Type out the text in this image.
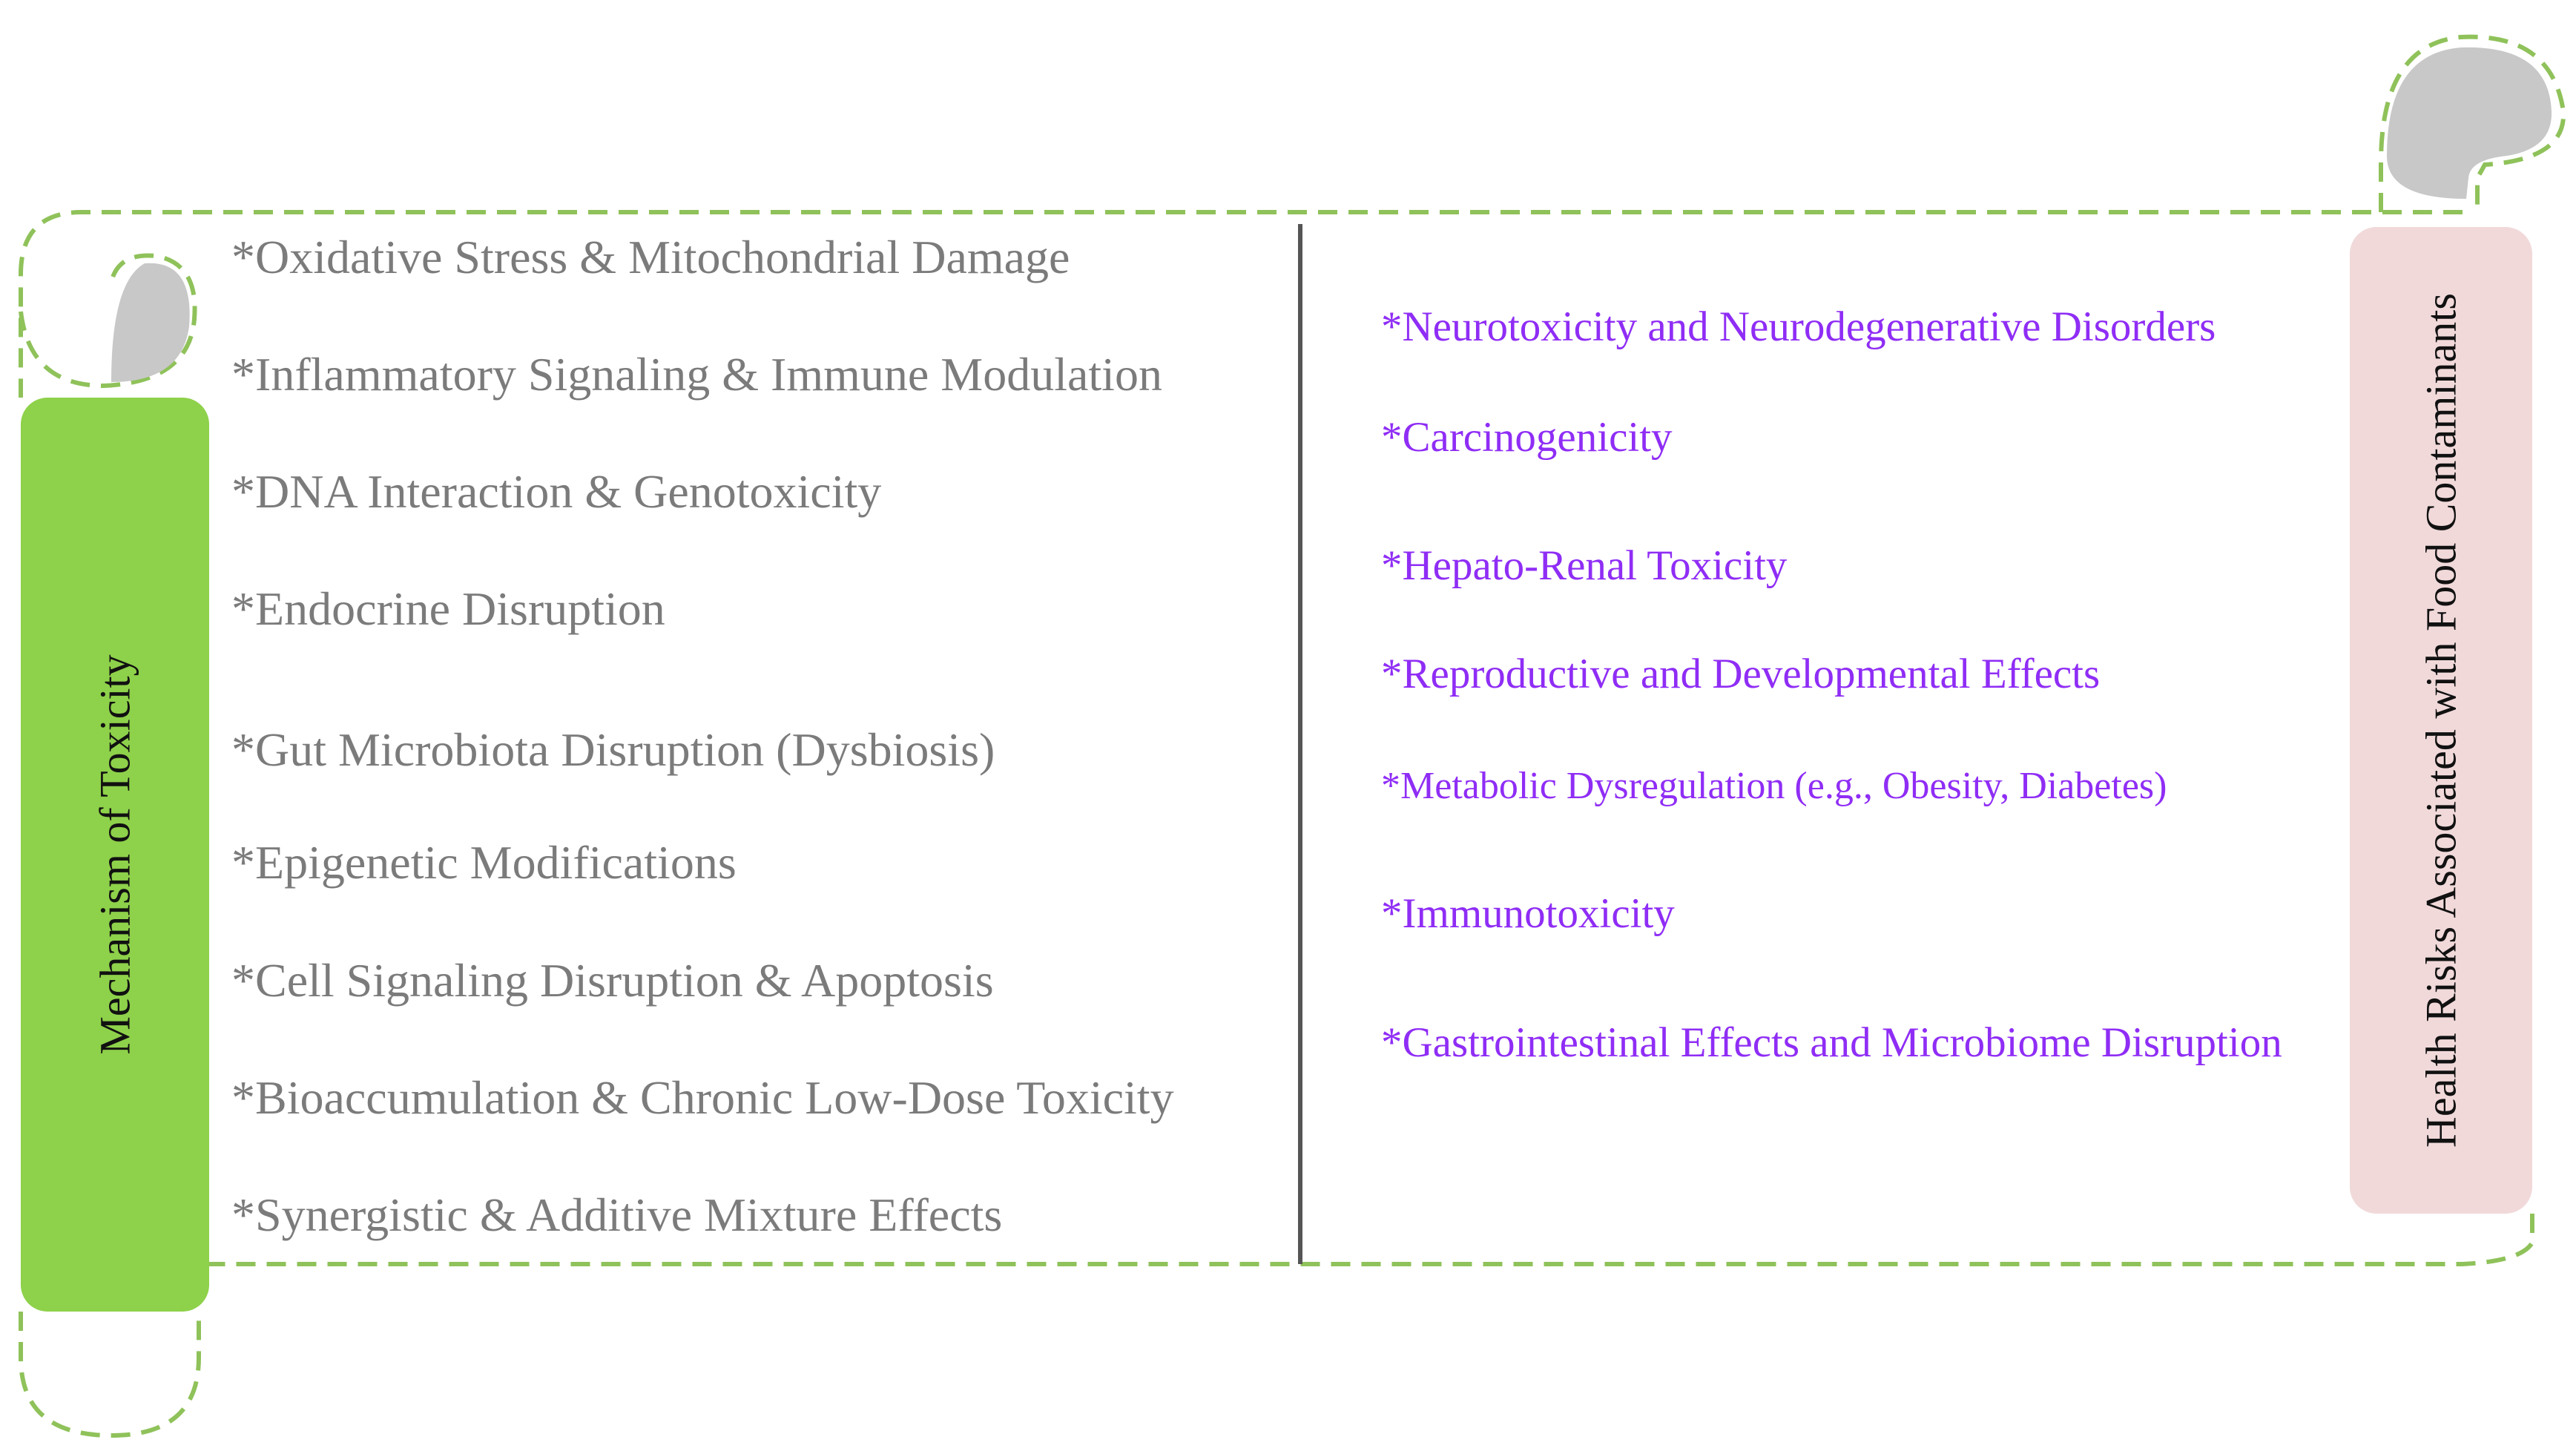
Mechanism of Toxicity	Health Risks Associated with Food Contaminants

*Oxidative Stress & Mitochondrial Damage

*Inflammatory Signaling & Immune Modulation

*DNA Interaction & Genotoxicity

*Endocrine Disruption

*Gut Microbiota Disruption (Dysbiosis)

*Epigenetic Modifications

*Cell Signaling Disruption & Apoptosis

*Bioaccumulation & Chronic Low-Dose Toxicity

*Synergistic & Additive Mixture Effects

*Neurotoxicity and Neurodegenerative Disorders

*Carcinogenicity

*Hepato-Renal Toxicity

*Reproductive and Developmental Effects

*Metabolic Dysregulation (e.g., Obesity, Diabetes)

*Immunotoxicity

*Gastrointestinal Effects and Microbiome Disruption
